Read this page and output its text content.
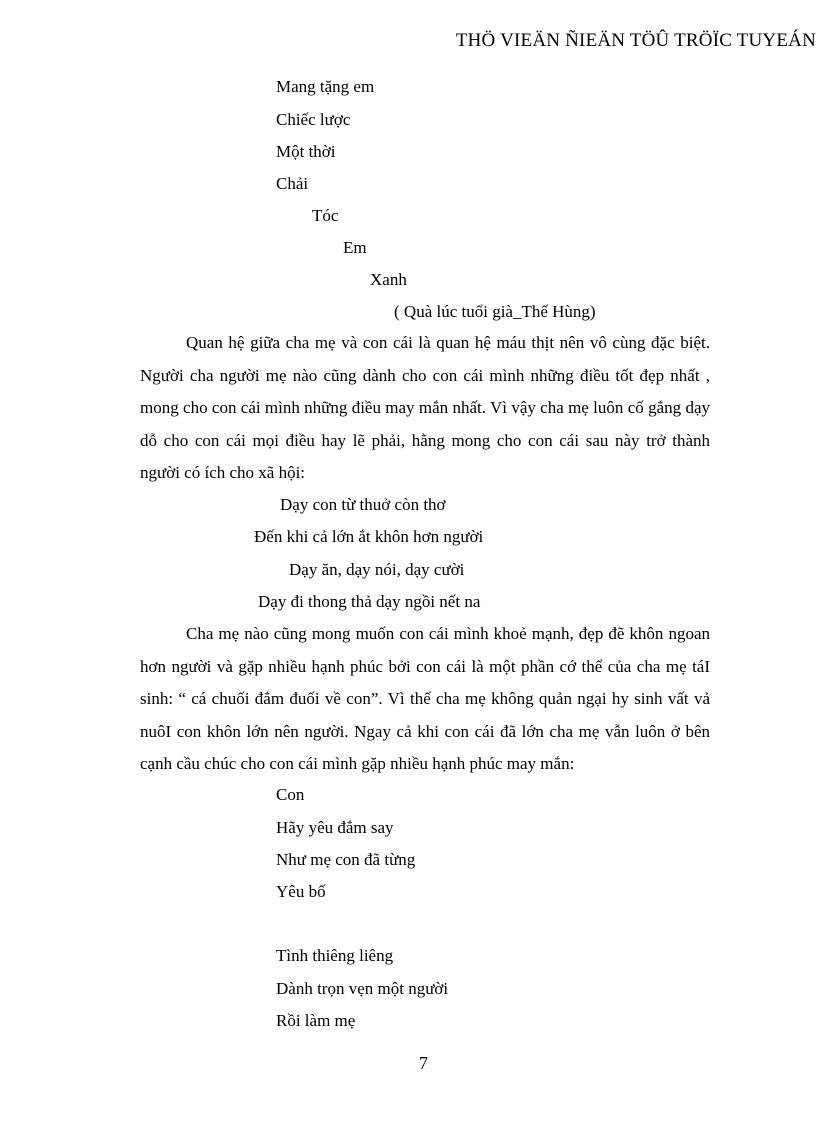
THÖ VIEÄN ÑIEÄN TÖÛ TRÖÏC TUYEÁN
Mang tặng em
Chiếc lược
Một thời
Chải
Tóc
Em
Xanh
( Quà lúc tuổi già_Thế Hùng)
Quan hệ giữa cha mẹ và con cái là quan hệ máu thịt nên vô cùng đặc biệt. Người cha người mẹ nào cũng dành cho con cái mình những điều tốt đẹp nhất , mong cho con cái mình những điều may mắn nhất. Vì vậy cha mẹ luôn cố gắng dạy dỗ cho con cái mọi điều hay lẽ phải, hằng mong cho con cái sau này trở thành người có ích cho xã hội:
Dạy con từ thuở còn thơ
Đến khi cả lớn ắt khôn hơn người
Dạy ăn, dạy nói, dạy cười
Dạy đi thong thả dạy ngồi nết na
Cha mẹ nào cũng mong muốn con cái mình khoẻ mạnh, đẹp đẽ khôn ngoan hơn người và gặp nhiều hạnh phúc bởi con cái là một phần cớ thể của cha mẹ táI sinh: “ cá chuối đắm đuối về con”. Vì thế cha mẹ không quản ngại hy sinh vất vả nuôI con khôn lớn nên người. Ngay cả khi con cái đã lớn cha mẹ vẫn luôn ở bên cạnh cầu chúc cho con cái mình gặp nhiều hạnh phúc may mắn:
Con
Hãy yêu đắm say
Như mẹ con đã từng
Yêu bố
Tình thiêng liêng
Dành trọn vẹn một người
Rồi làm mẹ
7
